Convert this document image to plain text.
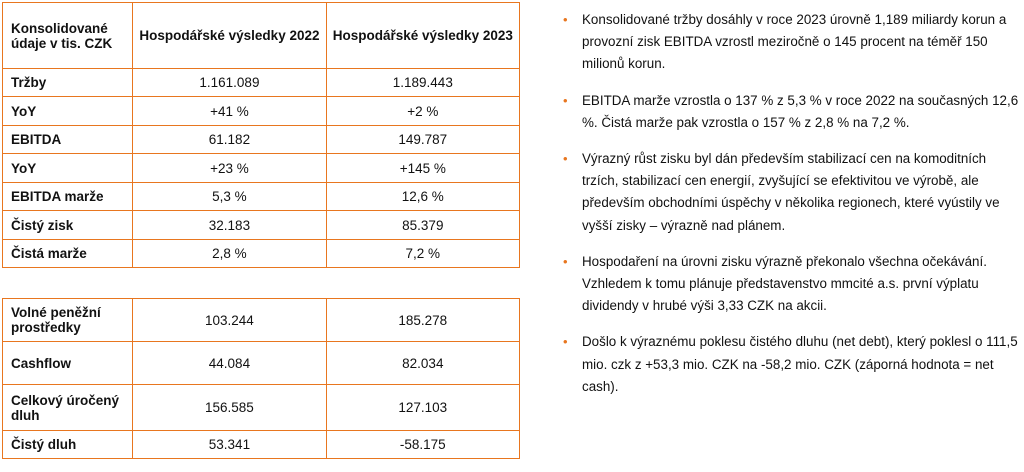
Konsolidované údaje v tis. CZK	Hospodářské výsledky 2022	Hospodářské výsledky 2023
Tržby	1.161.089	1.189.443
YoY	+41 %	+2 %
EBITDA	61.182	149.787
YoY	+23 %	+145 %
EBITDA marže	5,3 %	12,6 %
Čistý zisk	32.183	85.379
Čistá marže	2,8 %	7,2 %
Volné peněžní prostředky	103.244	185.278
Cashflow	44.084	82.034
Celkový úročený dluh	156.585	127.103
Čistý dluh	53.341	-58.175
• Konsolidované tržby dosáhly v roce 2023 úrovně 1,189 miliardy korun a provozní zisk EBITDA vzrostl meziročně o 145 procent na téměř 150 milionů korun.
• EBITDA marže vzrostla o 137 % z 5,3 % v roce 2022 na současných 12,6 %. Čistá marže pak vzrostla o 157 % z 2,8 % na 7,2 %.
• Výrazný růst zisku byl dán především stabilizací cen na komoditních trzích, stabilizací cen energií, zvyšující se efektivitou ve výrobě, ale především obchodními úspěchy v několika regionech, které vyústily ve vyšší zisky – výrazně nad plánem.
• Hospodaření na úrovni zisku výrazně překonalo všechna očekávání. Vzhledem k tomu plánuje představenstvo mmcité a.s. první výplatu dividendy v hrubé výši 3,33 CZK na akcii.
• Došlo k výraznému poklesu čistého dluhu (net debt), který poklesl o 111,5 mio. czk z +53,3 mio. CZK na -58,2 mio. CZK (záporná hodnota = net cash).
